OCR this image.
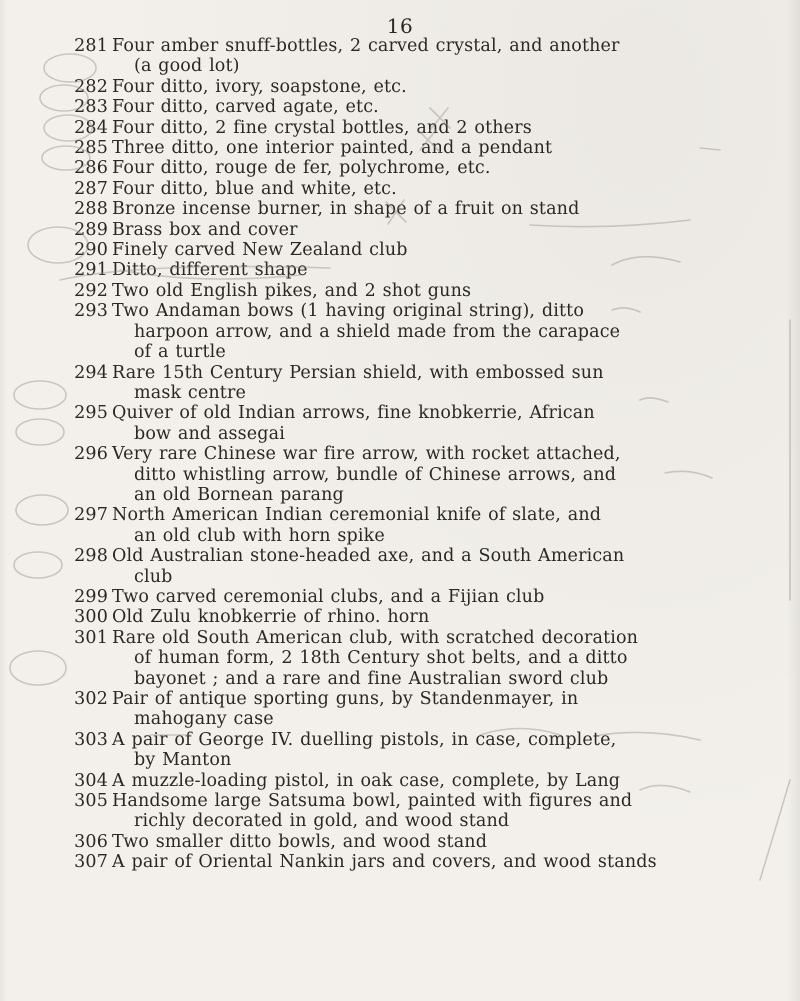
16
281 Four amber snuff-bottles, 2 carved crystal, and another
(a good lot)
282 Four ditto, ivory, soapstone, etc.
283 Four ditto, carved agate, etc.
284 Four ditto, 2 fine crystal bottles, and 2 others
285 Three ditto, one interior painted, and a pendant
286 Four ditto, rouge de fer, polychrome, etc.
287 Four ditto, blue and white, etc.
288 Bronze incense burner, in shape of a fruit on stand
289 Brass box and cover
290 Finely carved New Zealand club
291 Ditto, different shape
292 Two old English pikes, and 2 shot guns
293 Two Andaman bows (1 having original string), ditto
harpoon arrow, and a shield made from the carapace
of a turtle
294 Rare 15th Century Persian shield, with embossed sun
mask centre
295 Quiver of old Indian arrows, fine knobkerrie, African
bow and assegai
296 Very rare Chinese war fire arrow, with rocket attached,
ditto whistling arrow, bundle of Chinese arrows, and
an old Bornean parang
297 North American Indian ceremonial knife of slate, and
an old club with horn spike
298 Old Australian stone-headed axe, and a South American
club
299 Two carved ceremonial clubs, and a Fijian club
300 Old Zulu knobkerrie of rhino. horn
301 Rare old South American club, with scratched decoration
of human form, 2 18th Century shot belts, and a ditto
bayonet ; and a rare and fine Australian sword club
302 Pair of antique sporting guns, by Standenmayer, in
mahogany case
303 A pair of George IV. duelling pistols, in case, complete,
by Manton
304 A muzzle-loading pistol, in oak case, complete, by Lang
305 Handsome large Satsuma bowl, painted with figures and
richly decorated in gold, and wood stand
306 Two smaller ditto bowls, and wood stand
307 A pair of Oriental Nankin jars and covers, and wood stands
